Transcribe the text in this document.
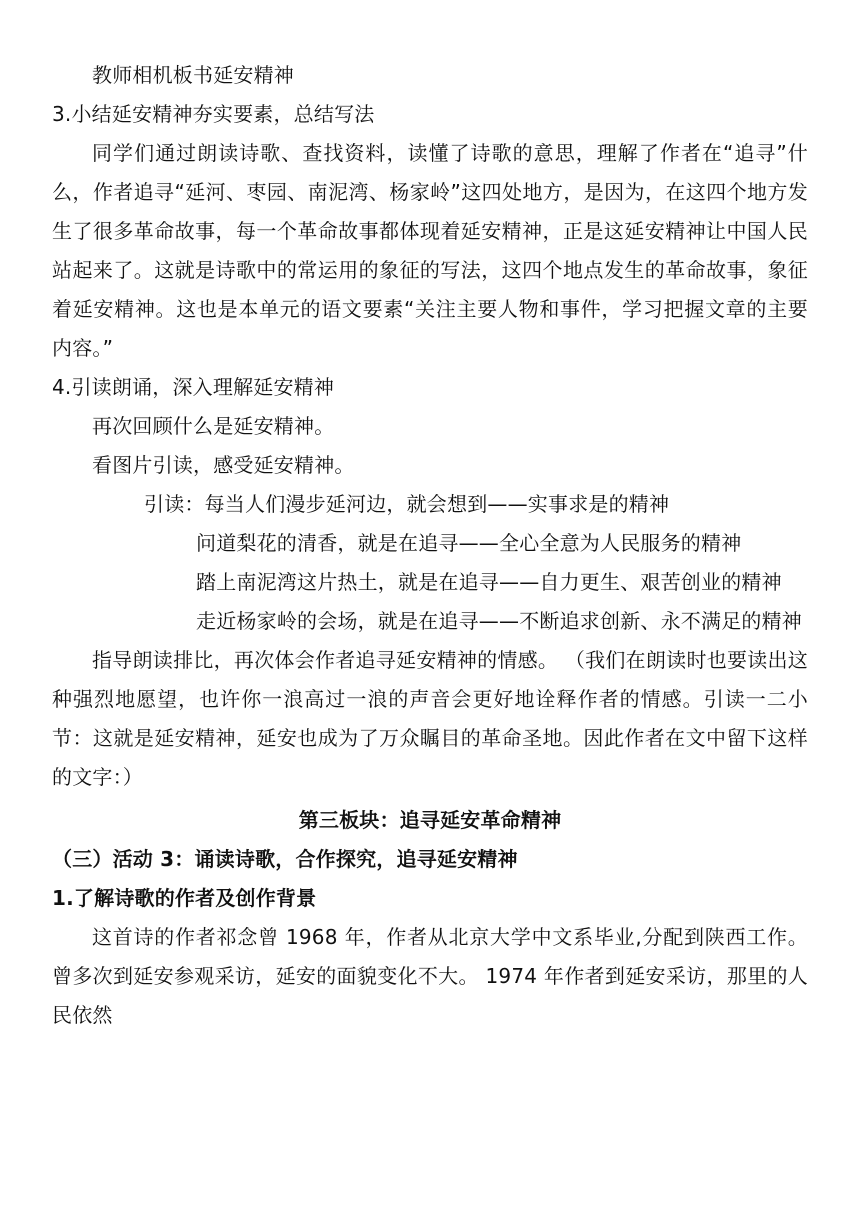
教师相机板书延安精神
3.小结延安精神夯实要素，总结写法
同学们通过朗读诗歌、查找资料，读懂了诗歌的意思，理解了作者在“追寻”什么，作者追寻“延河、枣园、南泥湾、杨家岭”这四处地方，是因为，在这四个地方发生了很多革命故事，每一个革命故事都体现着延安精神，正是这延安精神让中国人民站起来了。这就是诗歌中的常运用的象征的写法，这四个地点发生的革命故事，象征着延安精神。这也是本单元的语文要素“关注主要人物和事件，学习把握文章的主要内容。”
4.引读朗诵，深入理解延安精神
再次回顾什么是延安精神。
看图片引读，感受延安精神。
引读：每当人们漫步延河边，就会想到——实事求是的精神
问道梨花的清香，就是在追寻——全心全意为人民服务的精神
踏上南泥湾这片热土，就是在追寻——自力更生、艰苦创业的精神
走近杨家岭的会场，就是在追寻——不断追求创新、永不满足的精神
指导朗读排比，再次体会作者追寻延安精神的情感。 （我们在朗读时也要读出这种强烈地愿望，也许你一浪高过一浪的声音会更好地诠释作者的情感。引读一二小节：这就是延安精神，延安也成为了万众瞩目的革命圣地。因此作者在文中留下这样的文字：）
第三板块：追寻延安革命精神
（三）活动 3：诵读诗歌，合作探究，追寻延安精神
1.了解诗歌的作者及创作背景
这首诗的作者祁念曾 1968 年，作者从北京大学中文系毕业,分配到陕西工作。曾多次到延安参观采访，延安的面貌变化不大。 1974 年作者到延安采访，那里的人民依然
